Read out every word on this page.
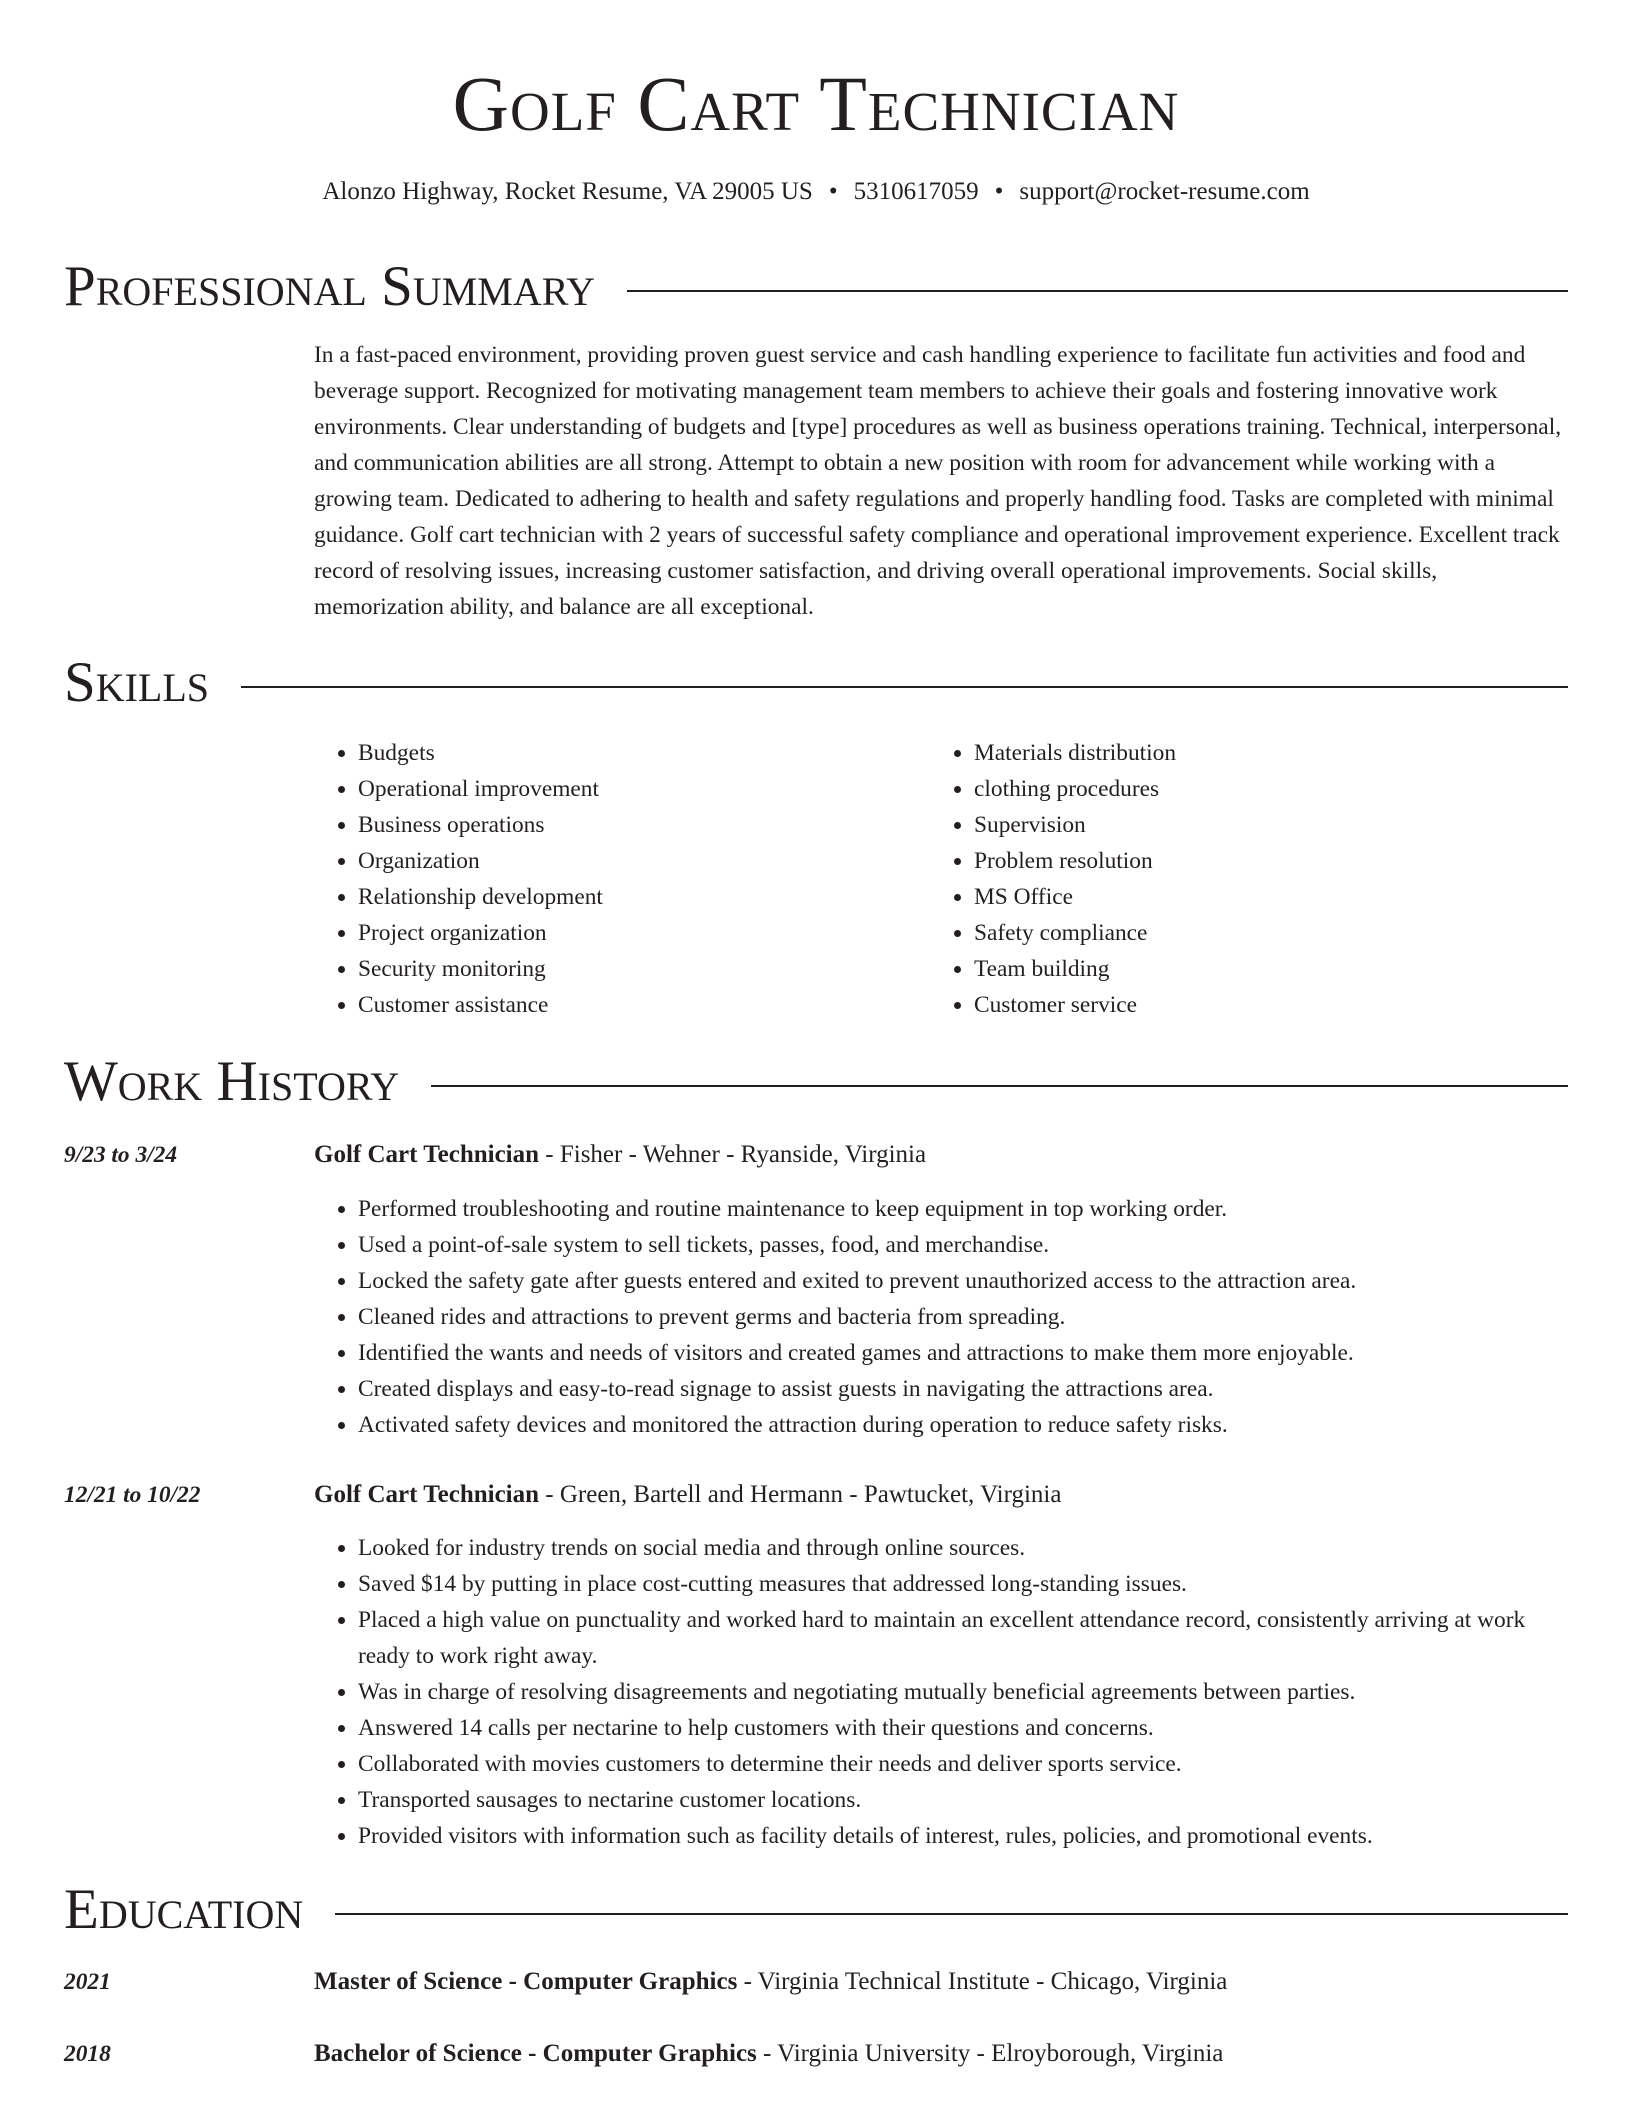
Golf Cart Technician
Alonzo Highway, Rocket Resume, VA 29005 US • 5310617059 • support@rocket-resume.com
Professional Summary

In a fast-paced environment, providing proven guest service and cash handling experience to facilitate fun activities and food and beverage support. Recognized for motivating management team members to achieve their goals and fostering innovative work environments. Clear understanding of budgets and [type] procedures as well as business operations training. Technical, interpersonal, and communication abilities are all strong. Attempt to obtain a new position with room for advancement while working with a growing team. Dedicated to adhering to health and safety regulations and properly handling food. Tasks are completed with minimal guidance. Golf cart technician with 2 years of successful safety compliance and operational improvement experience. Excellent track record of resolving issues, increasing customer satisfaction, and driving overall operational improvements. Social skills, memorization ability, and balance are all exceptional.

Skills
• Budgets
• Operational improvement
• Business operations
• Organization
• Relationship development
• Project organization
• Security monitoring
• Customer assistance
• Materials distribution
• clothing procedures
• Supervision
• Problem resolution
• MS Office
• Safety compliance
• Team building
• Customer service
Work History
9/23 to 3/24	Golf Cart Technician - Fisher - Wehner - Ryanside, Virginia
• Performed troubleshooting and routine maintenance to keep equipment in top working order.
• Used a point-of-sale system to sell tickets, passes, food, and merchandise.
• Locked the safety gate after guests entered and exited to prevent unauthorized access to the attraction area.
• Cleaned rides and attractions to prevent germs and bacteria from spreading.
• Identified the wants and needs of visitors and created games and attractions to make them more enjoyable.
• Created displays and easy-to-read signage to assist guests in navigating the attractions area.
• Activated safety devices and monitored the attraction during operation to reduce safety risks.
12/21 to 10/22	Golf Cart Technician - Green, Bartell and Hermann - Pawtucket, Virginia
• Looked for industry trends on social media and through online sources.
• Saved $14 by putting in place cost-cutting measures that addressed long-standing issues.
• Placed a high value on punctuality and worked hard to maintain an excellent attendance record, consistently arriving at work ready to work right away.
• Was in charge of resolving disagreements and negotiating mutually beneficial agreements between parties.
• Answered 14 calls per nectarine to help customers with their questions and concerns.
• Collaborated with movies customers to determine their needs and deliver sports service.
• Transported sausages to nectarine customer locations.
• Provided visitors with information such as facility details of interest, rules, policies, and promotional events.
Education
2021	Master of Science - Computer Graphics - Virginia Technical Institute - Chicago, Virginia
2018	Bachelor of Science - Computer Graphics - Virginia University - Elroyborough, Virginia
